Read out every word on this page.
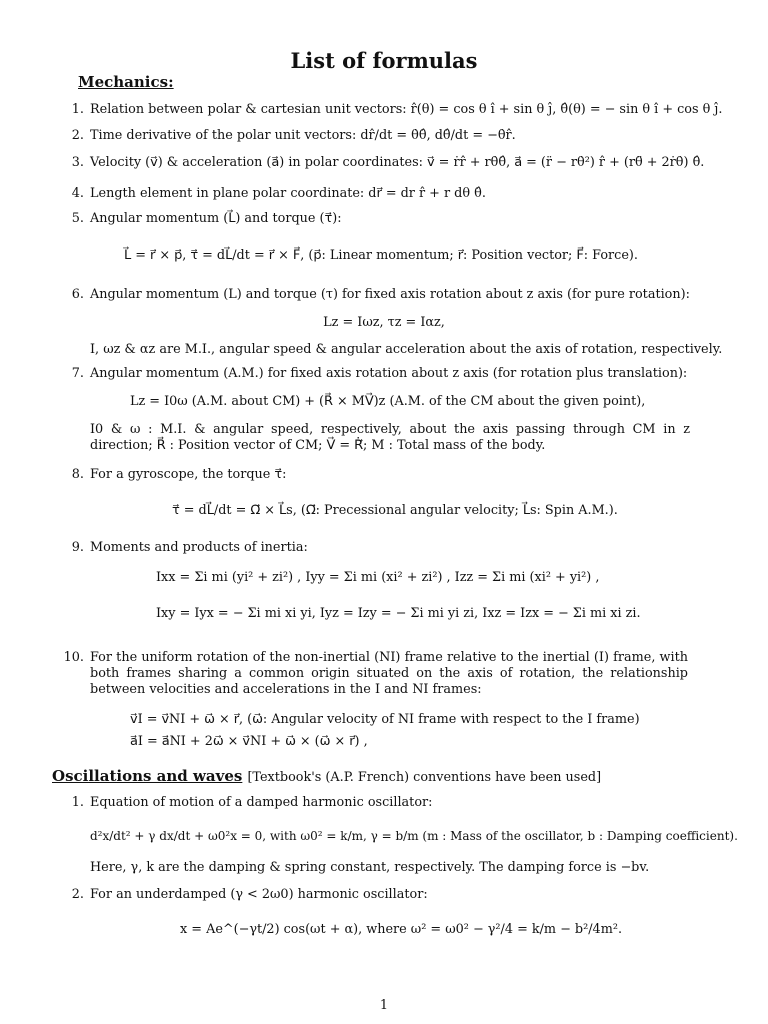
List of formulas
Mechanics:
1. Relation between polar & cartesian unit vectors: r̂(θ) = cos θ î + sin θ ĵ, θ̂(θ) = − sin θ î + cos θ ĵ.
2. Time derivative of the polar unit vectors: dr̂/dt = θ̇θ̂, dθ̂/dt = −θ̇r̂.
3. Velocity (v⃗) & acceleration (a⃗) in polar coordinates: v⃗ = ṙr̂ + rθ̇θ̂, a⃗ = (r̈ − rθ̇²) r̂ + (rθ̈ + 2ṙθ̇) θ̂.
4. Length element in plane polar coordinate: dr⃗ = dr r̂ + r dθ θ̂.
5. Angular momentum (L⃗) and torque (τ⃗):
L⃗ = r⃗ × p⃗, τ⃗ = dL⃗/dt = r⃗ × F⃗, (p⃗: Linear momentum; r⃗: Position vector; F⃗: Force).
6. Angular momentum (L) and torque (τ) for fixed axis rotation about z axis (for pure rotation):
Lz = Iωz, τz = Iαz,
I, ωz & αz are M.I., angular speed & angular acceleration about the axis of rotation, respectively.
7. Angular momentum (A.M.) for fixed axis rotation about z axis (for rotation plus translation):
Lz = I0ω (A.M. about CM) + (R⃗ × MV⃗)z (A.M. of the CM about the given point),
I0 & ω : M.I. & angular speed, respectively, about the axis passing through CM in z direction; R⃗ : Position vector of CM; V⃗ = Ṙ⃗; M : Total mass of the body.
8. For a gyroscope, the torque τ⃗:
τ⃗ = dL⃗/dt = Ω⃗ × L⃗s, (Ω⃗: Precessional angular velocity; L⃗s: Spin A.M.).
9. Moments and products of inertia:
Ixx = Σi mi (yi² + zi²) , Iyy = Σi mi (xi² + zi²) , Izz = Σi mi (xi² + yi²) ,
Ixy = Iyx = − Σi mi xi yi, Iyz = Izy = − Σi mi yi zi, Ixz = Izx = − Σi mi xi zi.
10. For the uniform rotation of the non-inertial (NI) frame relative to the inertial (I) frame, with both frames sharing a common origin situated on the axis of rotation, the relationship between velocities and accelerations in the I and NI frames:
v⃗I = v⃗NI + ω⃗ × r⃗, (ω⃗: Angular velocity of NI frame with respect to the I frame)
a⃗I = a⃗NI + 2ω⃗ × v⃗NI + ω⃗ × (ω⃗ × r⃗) ,
Oscillations and waves [Textbook's (A.P. French) conventions have been used]
1. Equation of motion of a damped harmonic oscillator:
d²x/dt² + γ dx/dt + ω0²x = 0, with ω0² = k/m, γ = b/m (m : Mass of the oscillator, b : Damping coefficient).
Here, γ, k are the damping & spring constant, respectively. The damping force is −bv.
2. For an underdamped (γ < 2ω0) harmonic oscillator:
x = Ae^(−γt/2) cos(ωt + α), where ω² = ω0² − γ²/4 = k/m − b²/4m².
1
